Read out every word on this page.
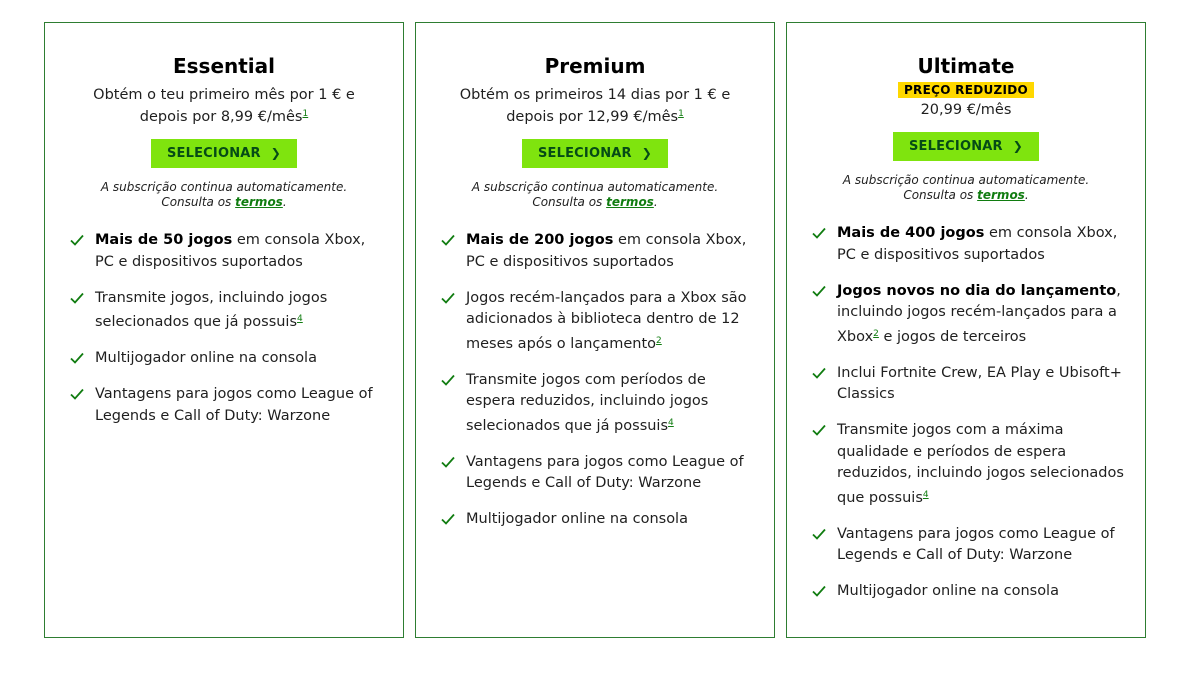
Essential
Obtém o teu primeiro mês por 1 € e depois por 8,99 €/mês$^1$
SELECIONAR ❯
A subscrição continua automaticamente.
Consulta os termos.
Mais de 50 jogos em consola Xbox, PC e dispositivos suportados
Transmite jogos, incluindo jogos selecionados que já possuis$^4$
Multijogador online na consola
Vantagens para jogos como League of Legends e Call of Duty: Warzone
Premium
Obtém os primeiros 14 dias por 1 € e depois por 12,99 €/mês$^1$
SELECIONAR ❯
A subscrição continua automaticamente.
Consulta os termos.
Mais de 200 jogos em consola Xbox, PC e dispositivos suportados
Jogos recém-lançados para a Xbox são adicionados à biblioteca dentro de 12 meses após o lançamento$^2$
Transmite jogos com períodos de espera reduzidos, incluindo jogos selecionados que já possuis$^4$
Vantagens para jogos como League of Legends e Call of Duty: Warzone
Multijogador online na consola
Ultimate
PREÇO REDUZIDO
20,99 €/mês
SELECIONAR ❯
A subscrição continua automaticamente.
Consulta os termos.
Mais de 400 jogos em consola Xbox, PC e dispositivos suportados
Jogos novos no dia do lançamento, incluindo jogos recém-lançados para a Xbox$^2$ e jogos de terceiros
Inclui Fortnite Crew, EA Play e Ubisoft+ Classics
Transmite jogos com a máxima qualidade e períodos de espera reduzidos, incluindo jogos selecionados que possuis$^4$
Vantagens para jogos como League of Legends e Call of Duty: Warzone
Multijogador online na consola
